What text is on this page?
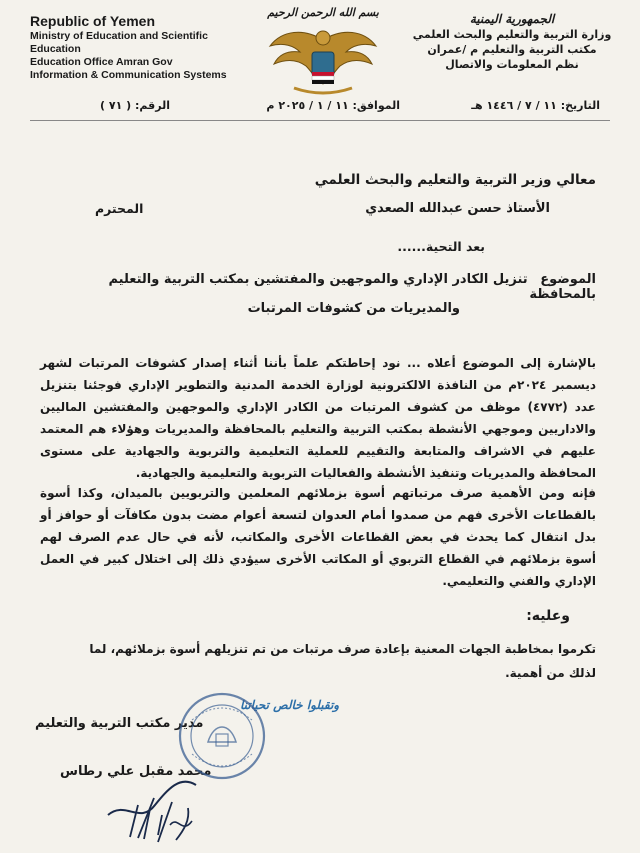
Republic of Yemen
Ministry of Education and Scientific Education
Education Office Amran Gov
Information & Communication Systems
بسم الله الرحمن الرحيم	الجمهورية اليمنية
وزارة التربية والتعليم والبحث العلمي
مكتب التربية والتعليم م /عمران
نظم المعلومات والاتصال
التاريخ: ١١ / ٧ / ١٤٤٦ هـ
الموافق: ١١ / ١ / ٢٠٢٥ م
الرقم: ( ٧١ )
معالي وزير التربية والتعليم والبحث العلمي
الأستاذ حسن عبدالله الصعدي
المحترم
بعد التحية......
الموضوع تنزيل الكادر الإداري والموجهين والمفتشين بمكتب التربية والتعليم بالمحافظة
والمديريات من كشوفات المرتبات
بالإشارة إلى الموضوع أعلاه ... نود إحاطتكم علماً بأننا أثناء إصدار كشوفات المرتبات لشهر ديسمبر ٢٠٢٤م من النافذة الالكترونية لوزارة الخدمة المدنية والتطوير الإداري فوجئنا بتنزيل عدد (٤٧٧٢) موظف من كشوف المرتبات من الكادر الإداري والموجهين والمفتشين الماليين والاداريين وموجهي الأنشطة بمكتب التربية والتعليم بالمحافظة والمديريات وهؤلاء هم المعتمد عليهم في الاشراف والمتابعة والتقييم للعملية التعليمية والتربوية والجهادية على مستوى المحافظة والمديريات وتنفيذ الأنشطة والفعاليات التربوية والتعليمية والجهادية.
فإنه ومن الأهمية صرف مرتباتهم أسوة بزملائهم المعلمين والتربويين بالميدان، وكذا أسوة بالقطاعات الأخرى فهم من صمدوا أمام العدوان لتسعة أعوام مضت بدون مكافآت أو حوافز أو بدل انتقال كما يحدث في بعض القطاعات الأخرى والمكاتب، لأنه في حال عدم الصرف لهم أسوة بزملائهم في القطاع التربوي أو المكاتب الأخرى سيؤدي ذلك إلى اختلال كبير في العمل الإداري والفني والتعليمي.
وعليه:
تكرموا بمخاطبة الجهات المعنية بإعادة صرف مرتبات من تم تنزيلهم أسوة بزملائهم، لما
لذلك من أهمية.
وتقبلوا خالص تحياتنا
مدير مكتب التربية والتعليم
محمد مقبل علي رطاس
